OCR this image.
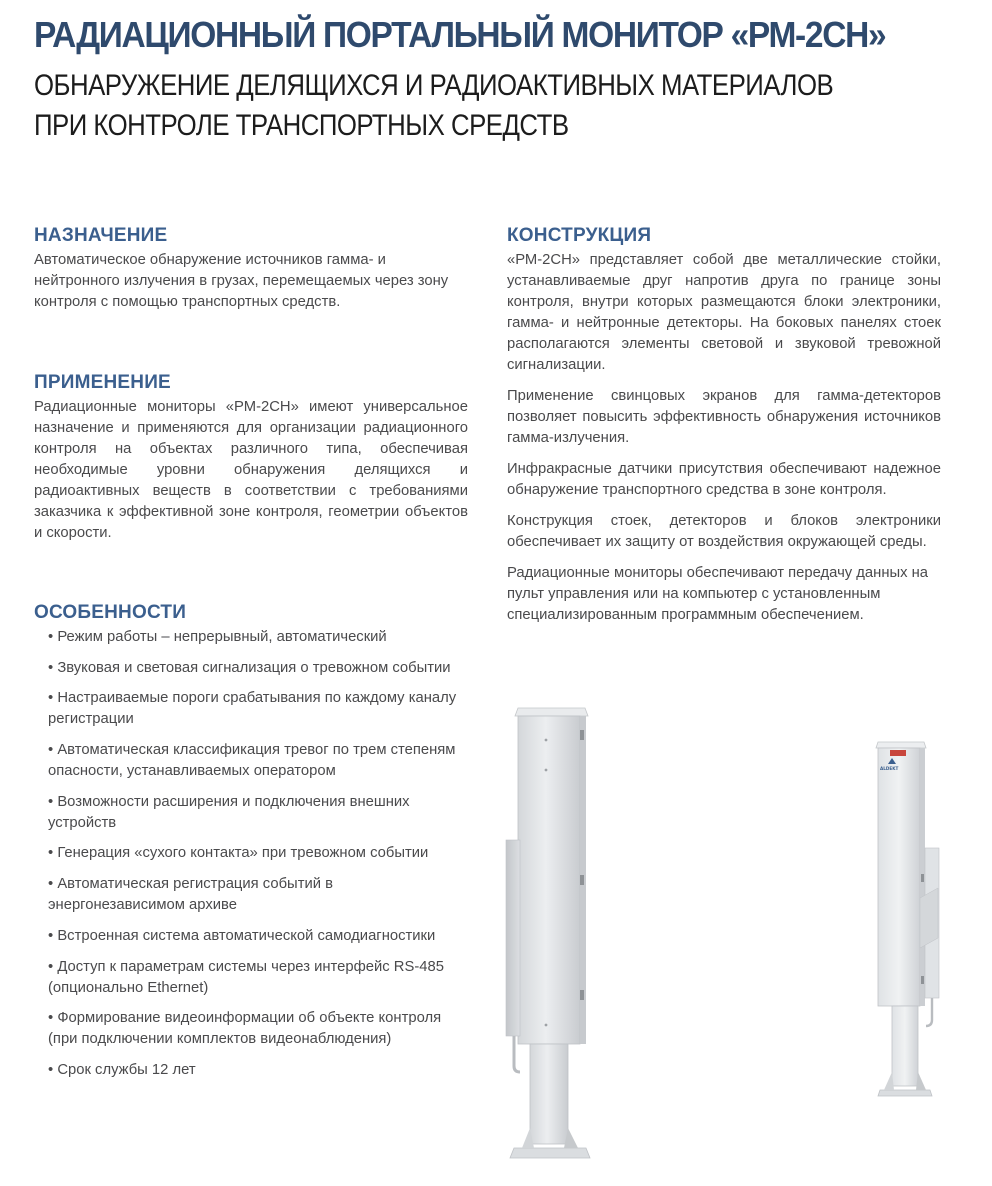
РАДИАЦИОННЫЙ ПОРТАЛЬНЫЙ МОНИТОР «РМ-2СН»
ОБНАРУЖЕНИЕ ДЕЛЯЩИХСЯ И РАДИОАКТИВНЫХ МАТЕРИАЛОВ
ПРИ КОНТРОЛЕ ТРАНСПОРТНЫХ СРЕДСТВ
НАЗНАЧЕНИЕ

Автоматическое обнаружение источников гамма- и нейтронного излучения в грузах, перемещаемых через зону контроля с помощью транспортных средств.

ПРИМЕНЕНИЕ

Радиационные мониторы «РМ-2СН» имеют универсальное назначение и применяются для организации радиационного контроля на объектах различного типа, обеспечивая необходимые уровни обнаружения делящихся и радиоактивных веществ в соответствии с требованиями заказчика к эффективной зоне контроля, геометрии объектов и скорости.

ОСОБЕННОСТИ
• Режим работы – непрерывный, автоматический
• Звуковая и световая сигнализация о тревожном событии
• Настраиваемые пороги срабатывания по каждому каналу регистрации
• Автоматическая классификация тревог по трем степеням опасности, устанавливаемых оператором
• Возможности расширения и подключения внешних устройств
• Генерация «сухого контакта» при тревожном событии
• Автоматическая регистрация событий в энергонезависимом архиве
• Встроенная система автоматической самодиагностики
• Доступ к параметрам системы через интерфейс RS-485 (опционально Ethernet)
• Формирование видеоинформации об объекте контроля (при подключении комплектов видеонаблюдения)
• Срок службы 12 лет
КОНСТРУКЦИЯ

«РМ-2СН» представляет собой две металлические стойки, устанавливаемые друг напротив друга по границе зоны контроля, внутри которых размещаются блоки электроники, гамма- и нейтронные детекторы. На боковых панелях стоек располагаются элементы световой и звуковой тревожной сигнализации.

Применение свинцовых экранов для гамма-детекторов позволяет повысить эффективность обнаружения источников гамма-излучения.

Инфракрасные датчики присутствия обеспечивают надежное обнаружение транспортного средства в зоне контроля.

Конструкция стоек, детекторов и блоков электроники обеспечивает их защиту от воздействия окружающей среды.

Радиационные мониторы обеспечивают передачу данных на пульт управления или на компьютер с установленным специализированным программным обеспечением.

ALDEKT
